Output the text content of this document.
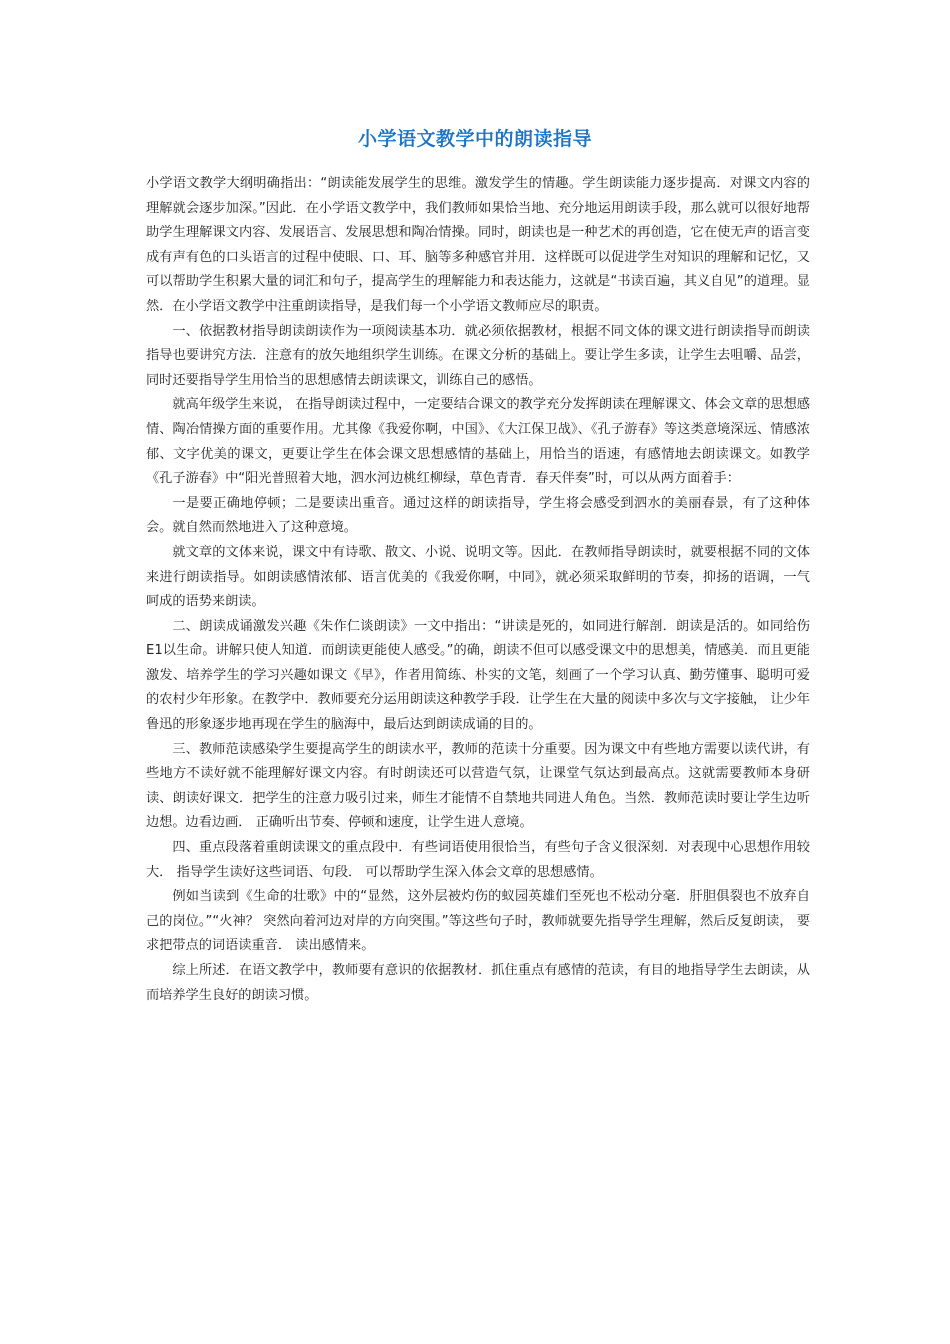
小学语文教学中的朗读指导

小学语文教学大纲明确指出：“朗读能发展学生的思维。激发学生的情趣。学生朗读能力逐步提高．对课文内容的理解就会逐步加深。”因此．在小学语文教学中，我们教师如果恰当地、充分地运用朗读手段，那么就可以很好地帮助学生理解课文内容、发展语言、发展思想和陶冶情操。同时，朗读也是一种艺术的再创造，它在使无声的语言变成有声有色的口头语言的过程中使眼、口、耳、脑等多种感官并用．这样既可以促进学生对知识的理解和记忆，又可以帮助学生积累大量的词汇和句子，提高学生的理解能力和表达能力，这就是“书读百遍，其义自见”的道理。显然．在小学语文教学中注重朗读指导，是我们每一个小学语文教师应尽的职责。

一、依据教材指导朗读朗读作为一项阅读基本功．就必须依据教材，根据不同文体的课文进行朗读指导而朗读指导也要讲究方法．注意有的放矢地组织学生训练。在课文分析的基础上。要让学生多读，让学生去咀嚼、品尝，同时还要指导学生用恰当的思想感情去朗读课文，训练自己的感悟。

就高年级学生来说， 在指导朗读过程中，一定要结合课文的教学充分发挥朗读在理解课文、体会文章的思想感情、陶冶情操方面的重要作用。尤其像《我爱你啊，中国》、《大江保卫战》、《孔子游春》等这类意境深远、情感浓郁、文字优美的课文，更要让学生在体会课文思想感情的基础上，用恰当的语速，有感情地去朗读课文。如教学《孔子游春》中“阳光普照着大地，泗水河边桃红柳绿，草色青青．春天伴奏”时，可以从两方面着手：

一是要正确地停顿；二是要读出重音。通过这样的朗读指导，学生将会感受到泗水的美丽春景，有了这种体会。就自然而然地进入了这种意境。

就文章的文体来说，课文中有诗歌、散文、小说、说明文等。因此．在教师指导朗读时，就要根据不同的文体来进行朗读指导。如朗读感情浓郁、语言优美的《我爱你啊，中同》，就必须采取鲜明的节奏，抑扬的语调，一气呵成的语势来朗读。

二、朗读成诵激发兴趣《朱作仁谈朗读》一文中指出：“讲读是死的，如同进行解剖．朗读是活的。如同给伤E1以生命。讲解只使人知道．而朗读更能使人感受。”的确，朗读不但可以感受课文中的思想美，情感美．而且更能激发、培养学生的学习兴趣如课文《早》，作者用简练、朴实的文笔，刻画了一个学习认真、勤劳懂事、聪明可爱的农村少年形象。在教学中．教师要充分运用朗读这种教学手段．让学生在大量的阅读中多次与文字接触， 让少年鲁迅的形象逐步地再现在学生的脑海中，最后达到朗读成诵的目的。

三、教师范读感染学生要提高学生的朗读水平，教师的范读十分重要。因为课文中有些地方需要以读代讲，有些地方不读好就不能理解好课文内容。有时朗读还可以营造气氛，让课堂气氛达到最高点。这就需要教师本身研读、朗读好课文．把学生的注意力吸引过来，师生才能情不自禁地共同进人角色。当然．教师范读时要让学生边听边想。边看边画． 正确听出节奏、停顿和速度，让学生进人意境。

四、重点段落着重朗读课文的重点段中．有些词语使用很恰当，有些句子含义很深刻．对表现中心思想作用较大． 指导学生读好这些词语、句段． 可以帮助学生深入体会文章的思想感情。

例如当读到《生命的壮歌》中的“显然，这外层被灼伤的蚁园英雄们至死也不松动分毫．肝胆俱裂也不放弃自己的岗位。”“火神？ 突然向着河边对岸的方向突围。”等这些句子时，教师就要先指导学生理解，然后反复朗读， 要求把带点的词语读重音． 读出感情来。

综上所述．在语文教学中，教师要有意识的依据教材．抓住重点有感情的范读，有目的地指导学生去朗读，从而培养学生良好的朗读习惯。
